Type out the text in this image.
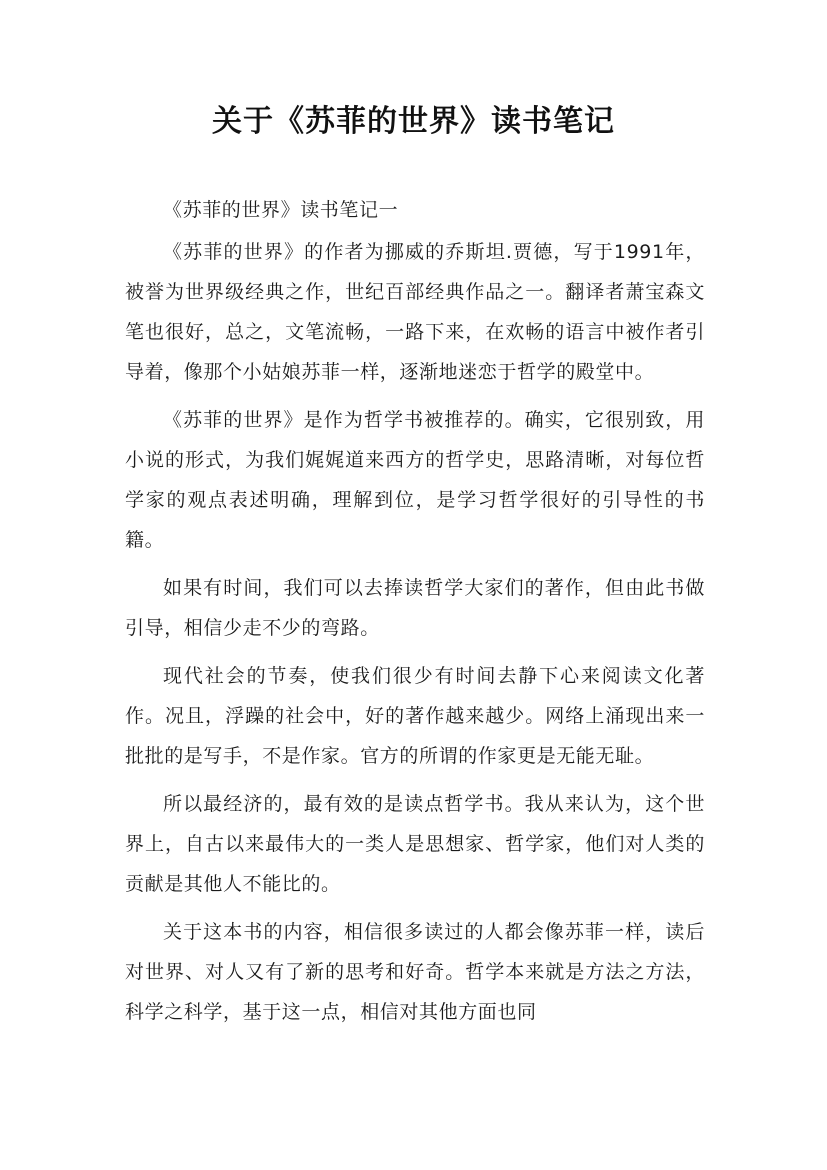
关于《苏菲的世界》读书笔记

《苏菲的世界》读书笔记一

《苏菲的世界》的作者为挪威的乔斯坦.贾德，写于1991年，被誉为世界级经典之作，世纪百部经典作品之一。翻译者萧宝森文笔也很好，总之，文笔流畅，一路下来，在欢畅的语言中被作者引导着，像那个小姑娘苏菲一样，逐渐地迷恋于哲学的殿堂中。

《苏菲的世界》是作为哲学书被推荐的。确实，它很别致，用小说的形式，为我们娓娓道来西方的哲学史，思路清晰，对每位哲学家的观点表述明确，理解到位，是学习哲学很好的引导性的书籍。

如果有时间，我们可以去捧读哲学大家们的著作，但由此书做引导，相信少走不少的弯路。

现代社会的节奏，使我们很少有时间去静下心来阅读文化著作。况且，浮躁的社会中，好的著作越来越少。网络上涌现出来一批批的是写手，不是作家。官方的所谓的作家更是无能无耻。

所以最经济的，最有效的是读点哲学书。我从来认为，这个世界上，自古以来最伟大的一类人是思想家、哲学家，他们对人类的贡献是其他人不能比的。

关于这本书的内容，相信很多读过的人都会像苏菲一样，读后对世界、对人又有了新的思考和好奇。哲学本来就是方法之方法，科学之科学，基于这一点，相信对其他方面也同
